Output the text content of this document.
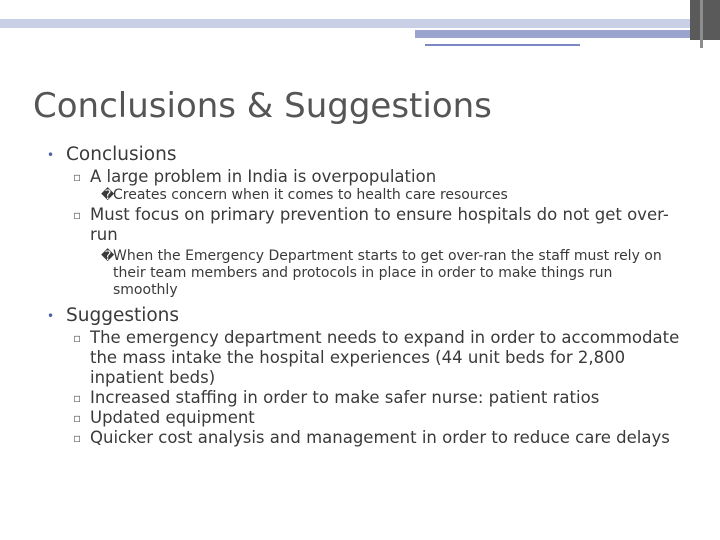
Conclusions & Suggestions
• Conclusions
▫ A large problem in India is overpopulation
�
Creates concern when it comes to health care resources
▫ Must focus on primary prevention to ensure hospitals do not get over-run
�
When the Emergency Department starts to get over-ran the staff must rely on their team members and protocols in place in order to make things run smoothly
• Suggestions
▫ The emergency department needs to expand in order to accommodate the mass intake the hospital experiences (44 unit beds for 2,800 inpatient beds)
▫ Increased staffing in order to make safer nurse: patient ratios
▫ Updated equipment
▫ Quicker cost analysis and management in order to reduce care delays
